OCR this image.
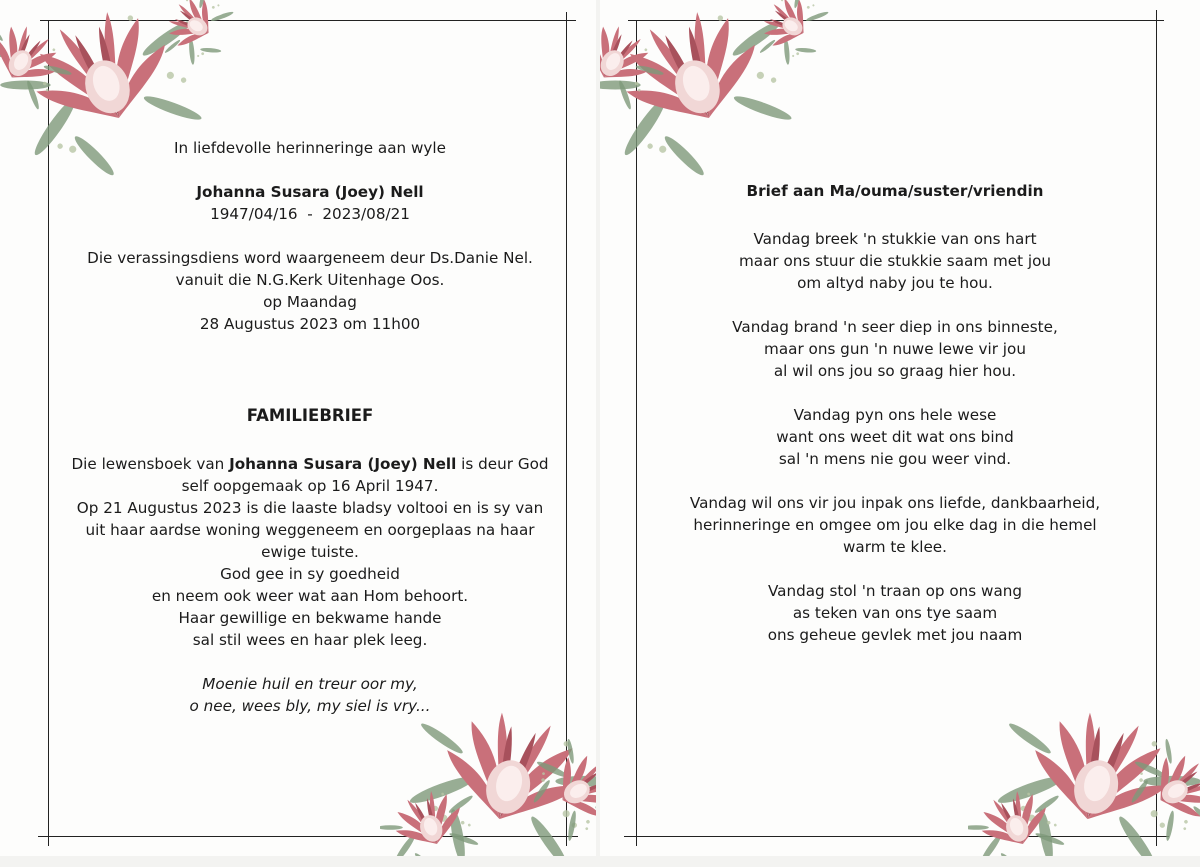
In liefdevolle herinneringe aan wyle
Johanna Susara (Joey) Nell
1947/04/16  -  2023/08/21
Die verassingsdiens word waargeneem deur Ds.Danie Nel.
vanuit die N.G.Kerk Uitenhage Oos.
op Maandag
28 Augustus 2023 om 11h00
FAMILIEBRIEF
Die lewensboek van Johanna Susara (Joey) Nell is deur God
self oopgemaak op 16 April 1947.
Op 21 Augustus 2023 is die laaste bladsy voltooi en is sy van
uit haar aardse woning weggeneem en oorgeplaas na haar
ewige tuiste.
God gee in sy goedheid
en neem ook weer wat aan Hom behoort.
Haar gewillige en bekwame hande
sal stil wees en haar plek leeg.
Moenie huil en treur oor my,
o nee, wees bly, my siel is vry...
Brief aan Ma/ouma/suster/vriendin
Vandag breek 'n stukkie van ons hart
maar ons stuur die stukkie saam met jou
om altyd naby jou te hou.
Vandag brand 'n seer diep in ons binneste,
maar ons gun 'n nuwe lewe vir jou
al wil ons jou so graag hier hou.
Vandag pyn ons hele wese
want ons weet dit wat ons bind
sal 'n mens nie gou weer vind.
Vandag wil ons vir jou inpak ons liefde, dankbaarheid,
herinneringe en omgee om jou elke dag in die hemel
warm te klee.
Vandag stol 'n traan op ons wang
as teken van ons tye saam
ons geheue gevlek met jou naam
